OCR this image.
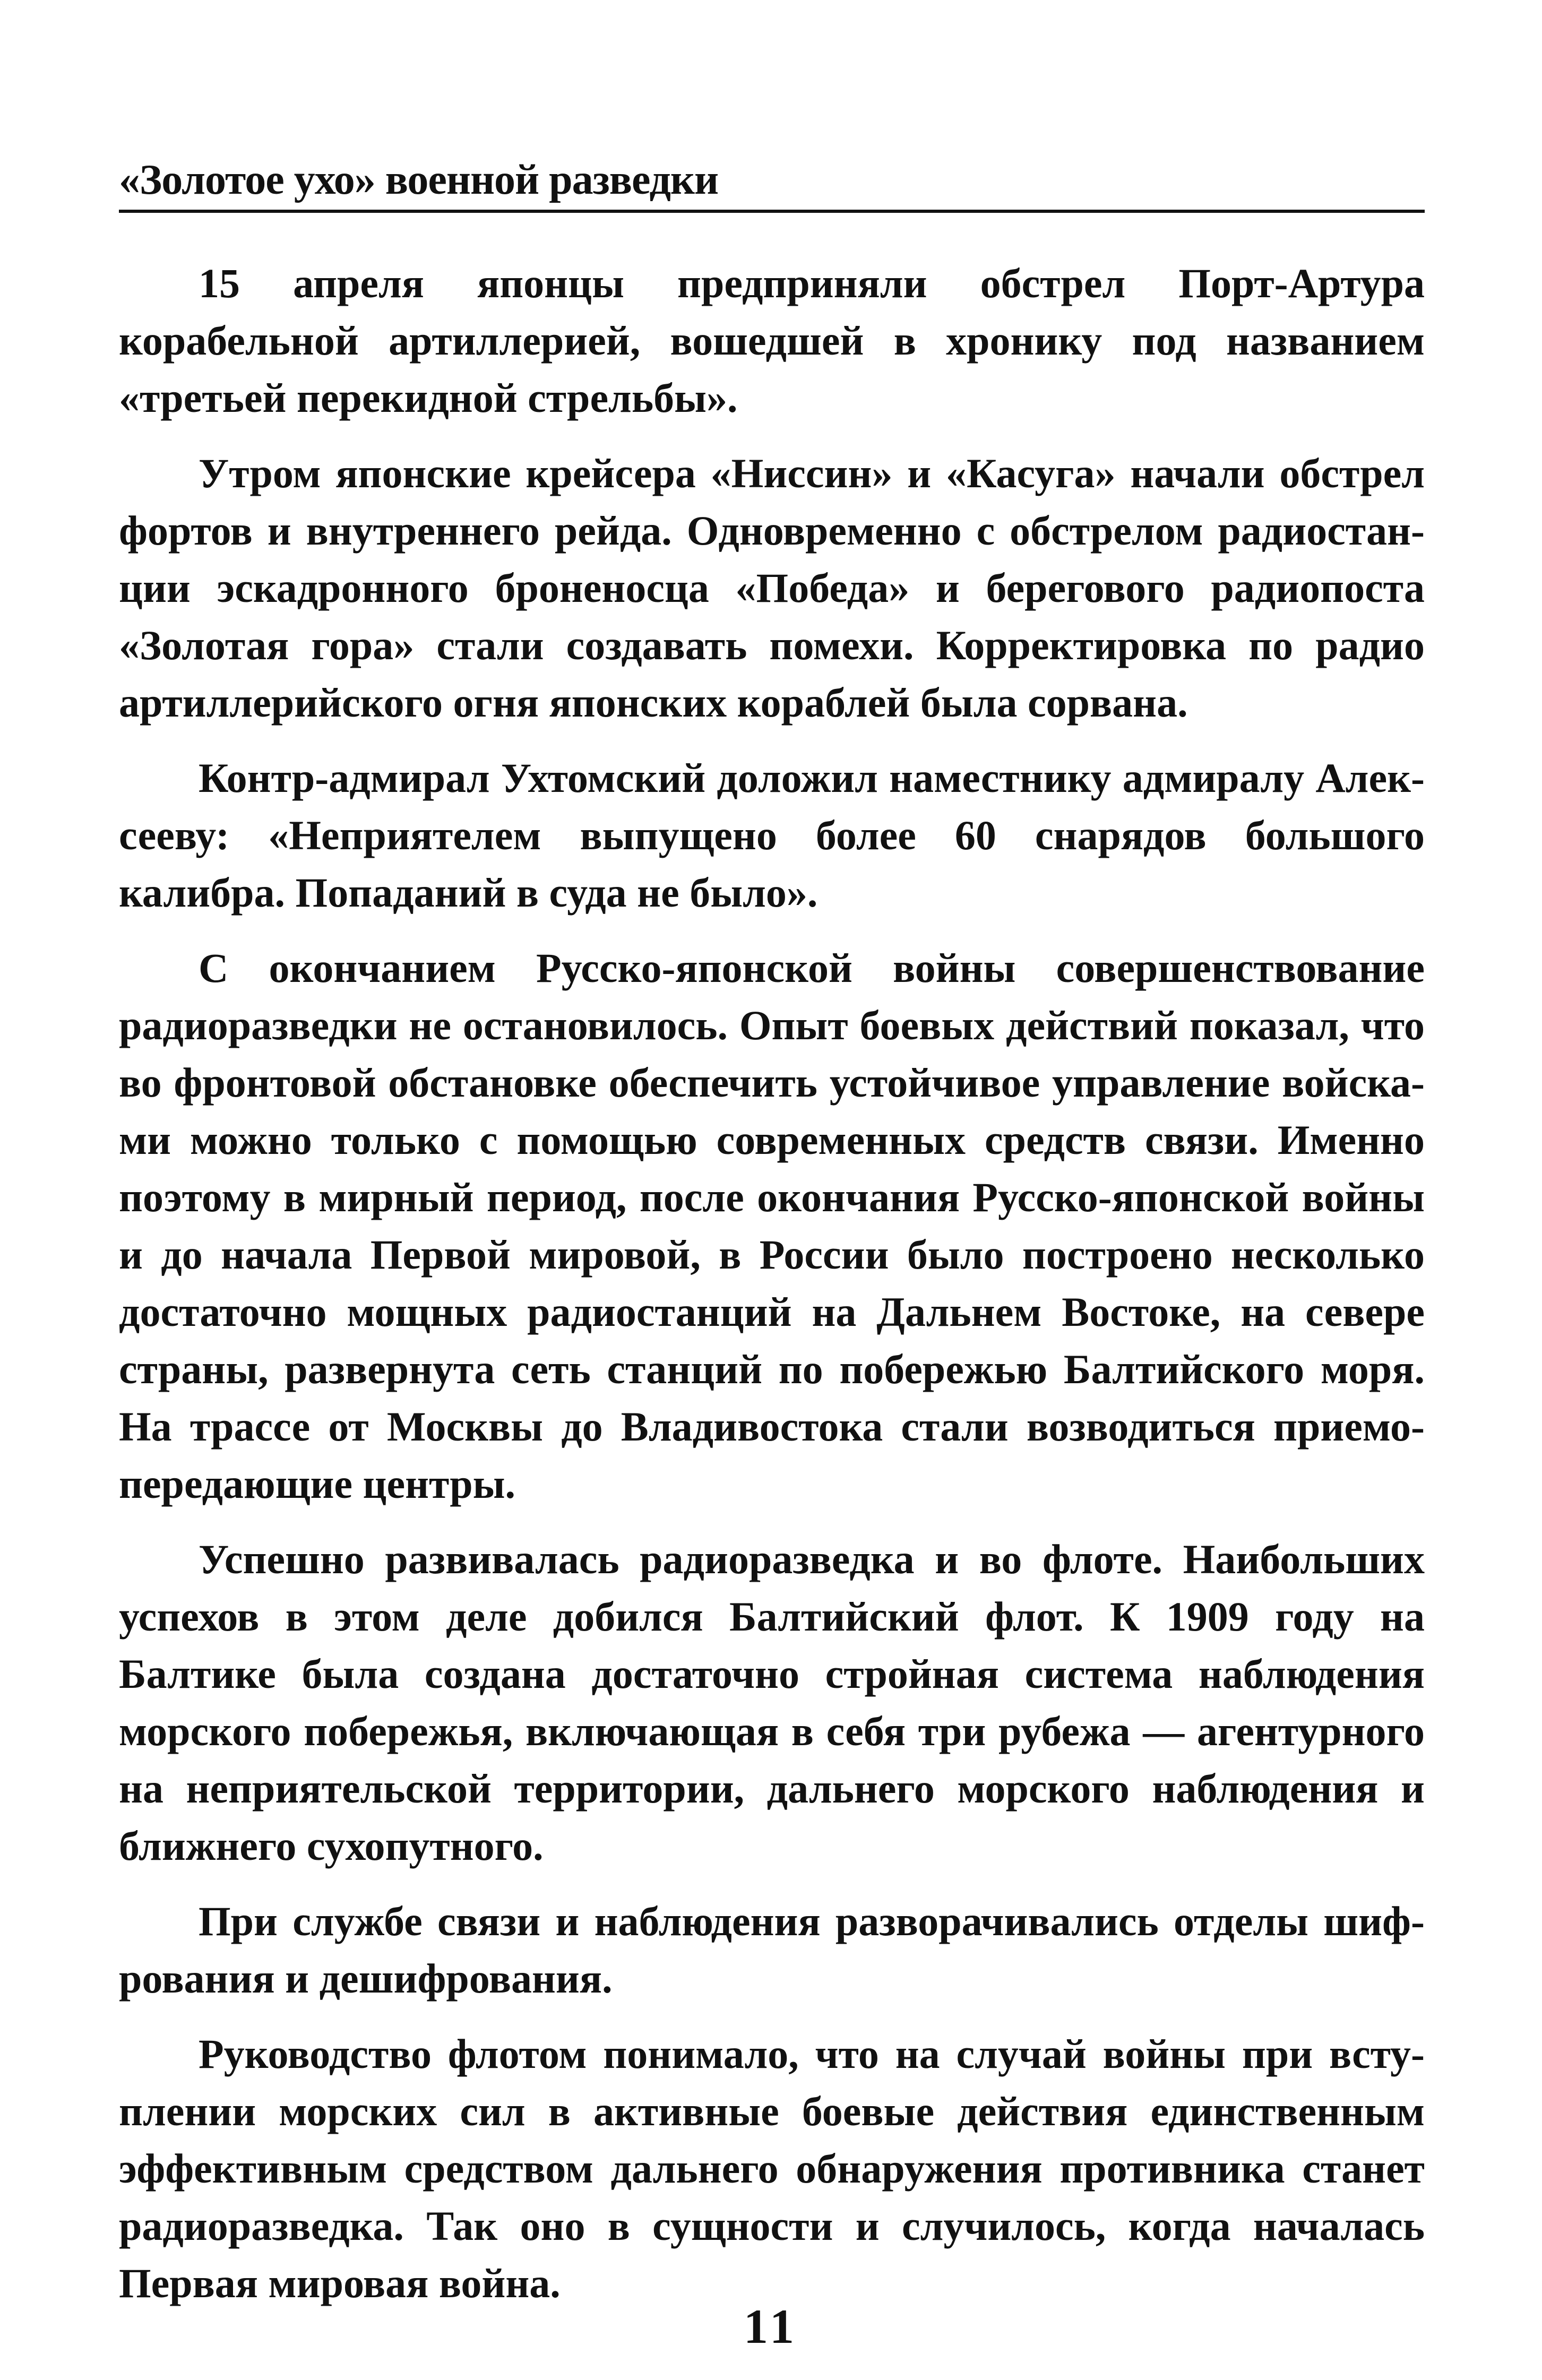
«Золотое ухо» военной разведки

15 апреля японцы предприняли обстрел Порт-Артура корабельной артиллерией, вошедшей в хронику под названием «третьей перекидной стрельбы».

Утром японские крейсера «Ниссин» и «Касуга» начали обстрел фортов и внутреннего рейда. Одновременно с обстрелом радиостанции эскадронного броненосца «Победа» и берегового радиопоста «Золотая гора» стали создавать помехи. Корректировка по радио артиллерийского огня японских кораблей была сорвана.

Контр-адмирал Ухтомский доложил наместнику адмиралу Алексееву: «Неприятелем выпущено более 60 снарядов большого калибра. Попаданий в суда не было».

С окончанием Русско-японской войны совершенствование радиоразведки не остановилось. Опыт боевых действий показал, что во фронтовой обстановке обеспечить устойчивое управление войсками можно только с помощью современных средств связи. Именно поэтому в мирный период, после окончания Русско-японской войны и до начала Первой мировой, в России было построено несколько достаточно мощных радиостанций на Дальнем Востоке, на севере страны, развернута сеть станций по побережью Балтийского моря. На трассе от Москвы до Владивостока стали возводиться приемопередающие центры.

Успешно развивалась радиоразведка и во флоте. Наибольших успехов в этом деле добился Балтийский флот. К 1909 году на Балтике была создана достаточно стройная система наблюдения морского побережья, включающая в себя три рубежа — агентурного на неприятельской территории, дальнего морского наблюдения и ближнего сухопутного.

При службе связи и наблюдения разворачивались отделы шифрования и дешифрования.

Руководство флотом понимало, что на случай войны при вступлении морских сил в активные боевые действия единственным эффективным средством дальнего обнаружения противника станет радиоразведка. Так оно в сущности и случилось, когда началась Первая мировая война.

11
